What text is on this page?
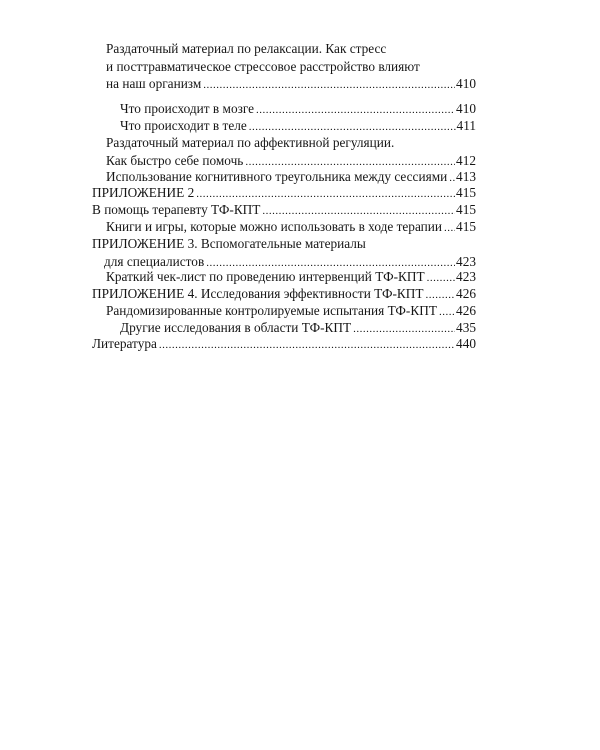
Раздаточный материал по релаксации. Как стресс
и посттравматическое стрессовое расстройство влияют
на наш организм .....	410
Что происходит в мозге .....	410
Что происходит в теле .....	411
Раздаточный материал по аффективной регуляции.
Как быстро себе помочь .....	412
Использование когнитивного треугольника между сессиями ..... 413
ПРИЛОЖЕНИЕ 2 .....	415
В помощь терапевту ТФ-КПТ .....	415
Книги и игры, которые можно использовать в ходе терапии ..... 415
ПРИЛОЖЕНИЕ 3. Вспомогательные материалы
для специалистов .....	423
Краткий чек-лист по проведению интервенций ТФ-КПТ ..... 423
ПРИЛОЖЕНИЕ 4. Исследования эффективности ТФ-КПТ ..... 426
Рандомизированные контролируемые испытания ТФ-КПТ ..... 426
Другие исследования в области ТФ-КПТ .....	435
Литература .....	440
